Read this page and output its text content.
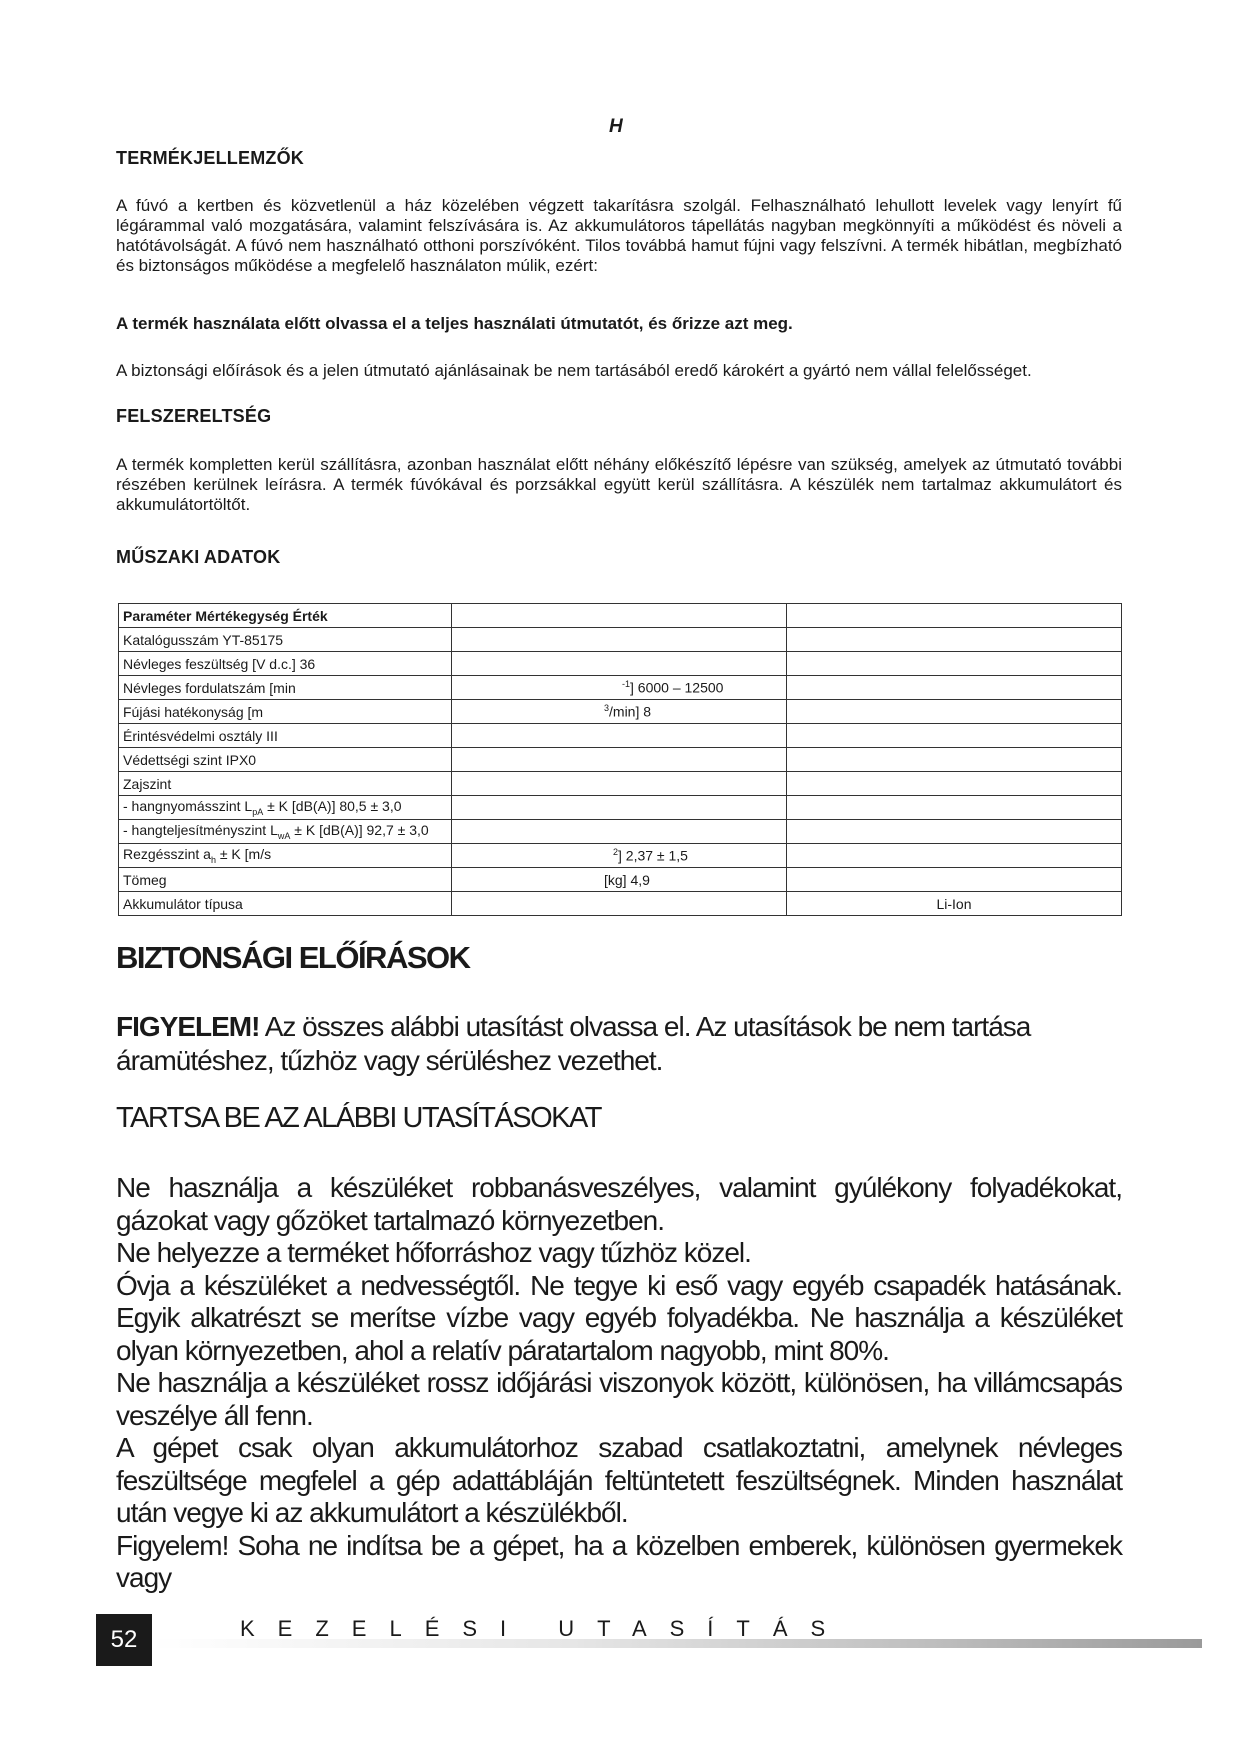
H
TERMÉKJELLEMZŐK
A fúvó a kertben és közvetlenül a ház közelében végzett takarításra szolgál. Felhasználható lehullott levelek vagy lenyírt fű légárammal való mozgatására, valamint felszívására is. Az akkumulátoros tápellátás nagyban megkönnyíti a működést és növeli a hatótávolságát. A fúvó nem használható otthoni porszívóként. Tilos továbbá hamut fújni vagy felszívni. A termék hibátlan, megbízható és biztonságos működése a megfelelő használaton múlik, ezért:
A termék használata előtt olvassa el a teljes használati útmutatót, és őrizze azt meg.
A biztonsági előírások és a jelen útmutató ajánlásainak be nem tartásából eredő károkért a gyártó nem vállal felelősséget.
FELSZERELTSÉG
A termék kompletten kerül szállításra, azonban használat előtt néhány előkészítő lépésre van szükség, amelyek az útmutató további részében kerülnek leírásra. A termék fúvókával és porzsákkal együtt kerül szállításra. A készülék nem tartalmaz akkumulátort és akkumulátortöltőt.
MŰSZAKI ADATOK
Paraméter Mértékegység Érték		
Katalógusszám YT-85175		
Névleges feszültség [V d.c.] 36		
Névleges fordulatszám [min	$^{-1}$] 6000 – 12500	
Fújási hatékonyság [m	$^3$/min] 8	
Érintésvédelmi osztály III		
Védettségi szint IPX0		
Zajszint		
- hangnyomásszint $L_{pA} \pm K$ [dB(A)] 80,5 ± 3,0		
- hangteljesítményszint $L_{wA} \pm K$ [dB(A)] 92,7 ± 3,0		
Rezgésszint $a_h \pm K$ [m/s	$^2$] 2,37 ± 1,5	
Tömeg	[kg] 4,9	
Akkumulátor típusa		Li-Ion
BIZTONSÁGI ELŐÍRÁSOK
FIGYELEM! Az összes alábbi utasítást olvassa el. Az utasítások be nem tartása áramütéshez, tűzhöz vagy sérüléshez vezethet.
TARTSA BE AZ ALÁBBI UTASÍTÁSOKAT

Ne használja a készüléket robbanásveszélyes, valamint gyúlékony folyadékokat, gázokat vagy gőzöket tartalmazó környezetben.

Ne helyezze a terméket hőforráshoz vagy tűzhöz közel.

Óvja a készüléket a nedvességtől. Ne tegye ki eső vagy egyéb csapadék hatásának. Egyik alkatrészt se merítse vízbe vagy egyéb folyadékba. Ne használja a készüléket olyan környezetben, ahol a relatív páratartalom nagyobb, mint 80%.

Ne használja a készüléket rossz időjárási viszonyok között, különösen, ha villámcsapás veszélye áll fenn.

A gépet csak olyan akkumulátorhoz szabad csatlakoztatni, amelynek névleges feszültsége megfelel a gép adattábláján feltüntetett feszültségnek. Minden használat után vegye ki az akkumulátort a készülékből.

Figyelem! Soha ne indítsa be a gépet, ha a közelben emberek, különösen gyermekek vagy

52	KEZELÉSI UTASÍTÁS
